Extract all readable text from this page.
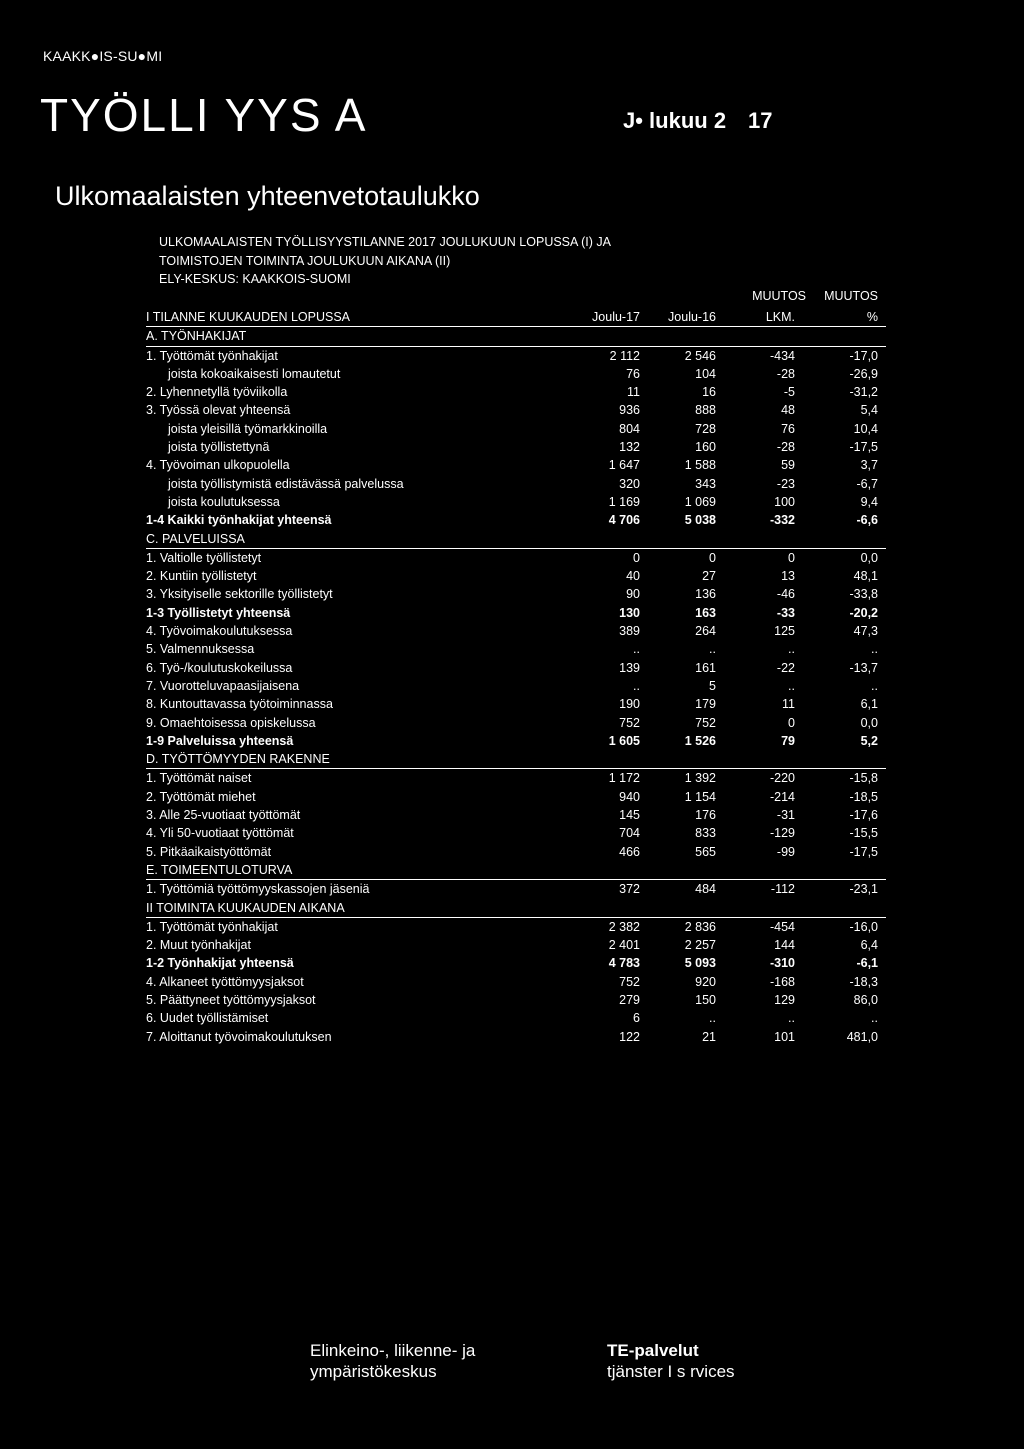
KAAKK●IS-SU●MI
TYÖLLI YYS A	J• lukuu 2 17
Ulkomaalaisten yhteenvetotaulukko
ULKOMAALAISTEN TYÖLLISYYSTILANNE 2017 JOULUKUUN LOPUSSA (I) JA
TOIMISTOJEN TOIMINTA JOULUKUUN AIKANA (II)
ELY-KESKUS: KAAKKOIS-SUOMI
MUUTOS	MUUTOS
I TILANNE KUUKAUDEN LOPUSSA	Joulu-17	Joulu-16	LKM.	%
A. TYÖNHAKIJAT
1. Työttömät työnhakijat	2 112	2 546	-434	-17,0
joista kokoaikaisesti lomautetut	76	104	-28	-26,9
2. Lyhennetyllä työviikolla	11	16	-5	-31,2
3. Työssä olevat yhteensä	936	888	48	5,4
joista yleisillä työmarkkinoilla	804	728	76	10,4
joista työllistettynä	132	160	-28	-17,5
4. Työvoiman ulkopuolella	1 647	1 588	59	3,7
joista työllistymistä edistävässä palvelussa	320	343	-23	-6,7
joista koulutuksessa	1 169	1 069	100	9,4
1-4 Kaikki työnhakijat yhteensä	4 706	5 038	-332	-6,6
C. PALVELUISSA
1. Valtiolle työllistetyt	0	0	0	0,0
2. Kuntiin työllistetyt	40	27	13	48,1
3. Yksityiselle sektorille työllistetyt	90	136	-46	-33,8
1-3 Työllistetyt yhteensä	130	163	-33	-20,2
4. Työvoimakoulutuksessa	389	264	125	47,3
5. Valmennuksessa	..	..	..	..
6. Työ-/koulutuskokeilussa	139	161	-22	-13,7
7. Vuorotteluvapaasijaisena	..	5	..	..
8. Kuntouttavassa työtoiminnassa	190	179	11	6,1
9. Omaehtoisessa opiskelussa	752	752	0	0,0
1-9 Palveluissa yhteensä	1 605	1 526	79	5,2
D. TYÖTTÖMYYDEN RAKENNE
1. Työttömät naiset	1 172	1 392	-220	-15,8
2. Työttömät miehet	940	1 154	-214	-18,5
3. Alle 25-vuotiaat työttömät	145	176	-31	-17,6
4. Yli 50-vuotiaat työttömät	704	833	-129	-15,5
5. Pitkäaikaistyöttömät	466	565	-99	-17,5
E. TOIMEENTULOTURVA
1. Työttömiä työttömyyskassojen jäseniä	372	484	-112	-23,1
II TOIMINTA KUUKAUDEN AIKANA
1. Työttömät työnhakijat	2 382	2 836	-454	-16,0
2. Muut työnhakijat	2 401	2 257	144	6,4
1-2 Työnhakijat yhteensä	4 783	5 093	-310	-6,1
4. Alkaneet työttömyysjaksot	752	920	-168	-18,3
5. Päättyneet työttömyysjaksot	279	150	129	86,0
6. Uudet työllistämiset	6	..	..	..
7. Aloittanut työvoimakoulutuksen	122	21	101	481,0
Elinkeino-, liikenne- ja
ympäristökeskus
TE-palvelut
tjänster I s rvices
